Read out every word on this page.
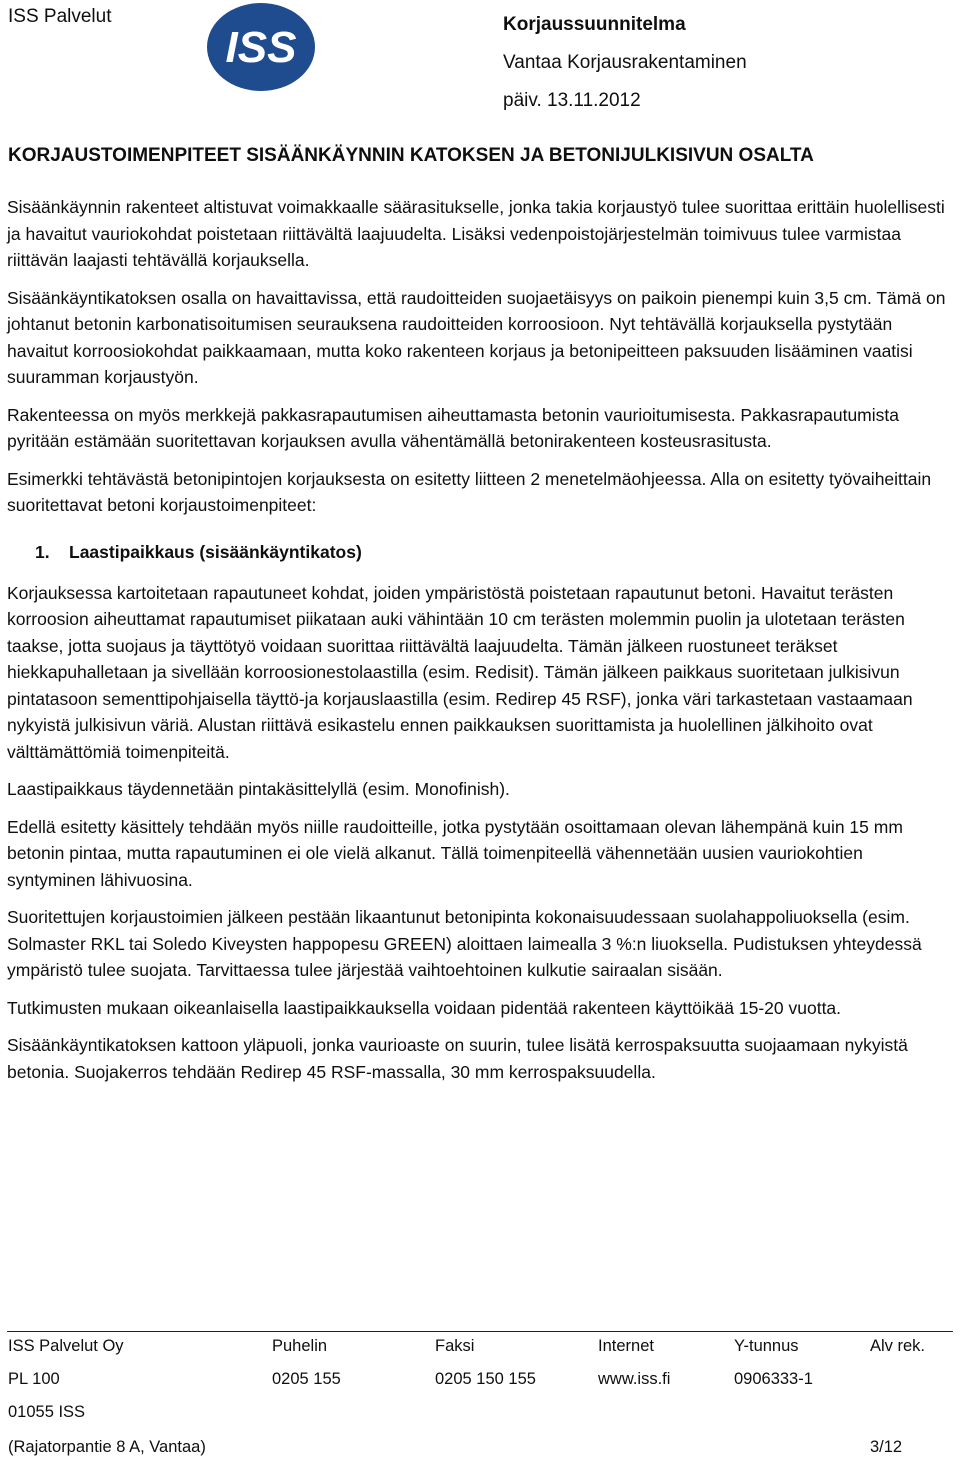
ISS Palvelut
ISS	Korjaussuunnitelma
Vantaa Korjausrakentaminen
päiv. 13.11.2012
KORJAUSTOIMENPITEET SISÄÄNKÄYNNIN KATOKSEN JA BETONIJULKISIVUN OSALTA

Sisäänkäynnin rakenteet altistuvat voimakkaalle säärasitukselle, jonka takia korjaustyö tulee suorittaa erittäin huolellisesti ja havaitut vauriokohdat poistetaan riittävältä laajuudelta. Lisäksi vedenpoistojärjestelmän toimivuus tulee varmistaa riittävän laajasti tehtävällä korjauksella.

Sisäänkäyntikatoksen osalla on havaittavissa, että raudoitteiden suojaetäisyys on paikoin pienempi kuin 3,5 cm. Tämä on johtanut betonin karbonatisoitumisen seurauksena raudoitteiden korroosioon. Nyt tehtävällä korjauksella pystytään havaitut korroosiokohdat paikkaamaan, mutta koko rakenteen korjaus ja betonipeitteen paksuuden lisääminen vaatisi suuramman korjaustyön.

Rakenteessa on myös merkkejä pakkasrapautumisen aiheuttamasta betonin vaurioitumisesta. Pakkasrapautumista pyritään estämään suoritettavan korjauksen avulla vähentämällä betonirakenteen kosteusrasitusta.

Esimerkki tehtävästä betonipintojen korjauksesta on esitetty liitteen 2 menetelmäohjeessa. Alla on esitetty työvaiheittain suoritettavat betoni korjaustoimenpiteet:

1. Laastipaikkaus (sisäänkäyntikatos)

Korjauksessa kartoitetaan rapautuneet kohdat, joiden ympäristöstä poistetaan rapautunut betoni. Havaitut terästen korroosion aiheuttamat rapautumiset piikataan auki vähintään 10 cm terästen molemmin puolin ja ulotetaan terästen taakse, jotta suojaus ja täyttötyö voidaan suorittaa riittävältä laajuudelta. Tämän jälkeen ruostuneet teräkset hiekkapuhalletaan ja sivellään korroosionestolaastilla (esim. Redisit). Tämän jälkeen paikkaus suoritetaan julkisivun pintatasoon sementtipohjaisella täyttö-ja korjauslaastilla (esim. Redirep 45 RSF), jonka väri tarkastetaan vastaamaan nykyistä julkisivun väriä. Alustan riittävä esikastelu ennen paikkauksen suorittamista ja huolellinen jälkihoito ovat välttämättömiä toimenpiteitä.

Laastipaikkaus täydennetään pintakäsittelyllä (esim. Monofinish).

Edellä esitetty käsittely tehdään myös niille raudoitteille, jotka pystytään osoittamaan olevan lähempänä kuin 15 mm betonin pintaa, mutta rapautuminen ei ole vielä alkanut. Tällä toimenpiteellä vähennetään uusien vauriokohtien syntyminen lähivuosina.

Suoritettujen korjaustoimien jälkeen pestään likaantunut betonipinta kokonaisuudessaan suolahappoliuoksella (esim. Solmaster RKL tai Soledo Kiveysten happopesu GREEN) aloittaen laimealla 3 %:n liuoksella. Pudistuksen yhteydessä ympäristö tulee suojata. Tarvittaessa tulee järjestää vaihtoehtoinen kulkutie sairaalan sisään.

Tutkimusten mukaan oikeanlaisella laastipaikkauksella voidaan pidentää rakenteen käyttöikää 15-20 vuotta.

Sisäänkäyntikatoksen kattoon yläpuoli, jonka vaurioaste on suurin, tulee lisätä kerrospaksuutta suojaamaan nykyistä betonia. Suojakerros tehdään Redirep 45 RSF-massalla, 30 mm kerrospaksuudella.

ISS Palvelut Oy	Puhelin	Faksi	Internet	Y-tunnus	Alv rek.
PL 100	0205 155	0205 150 155	www.iss.fi	0906333-1
01055 ISS
(Rajatorpantie 8 A, Vantaa)	3/12
